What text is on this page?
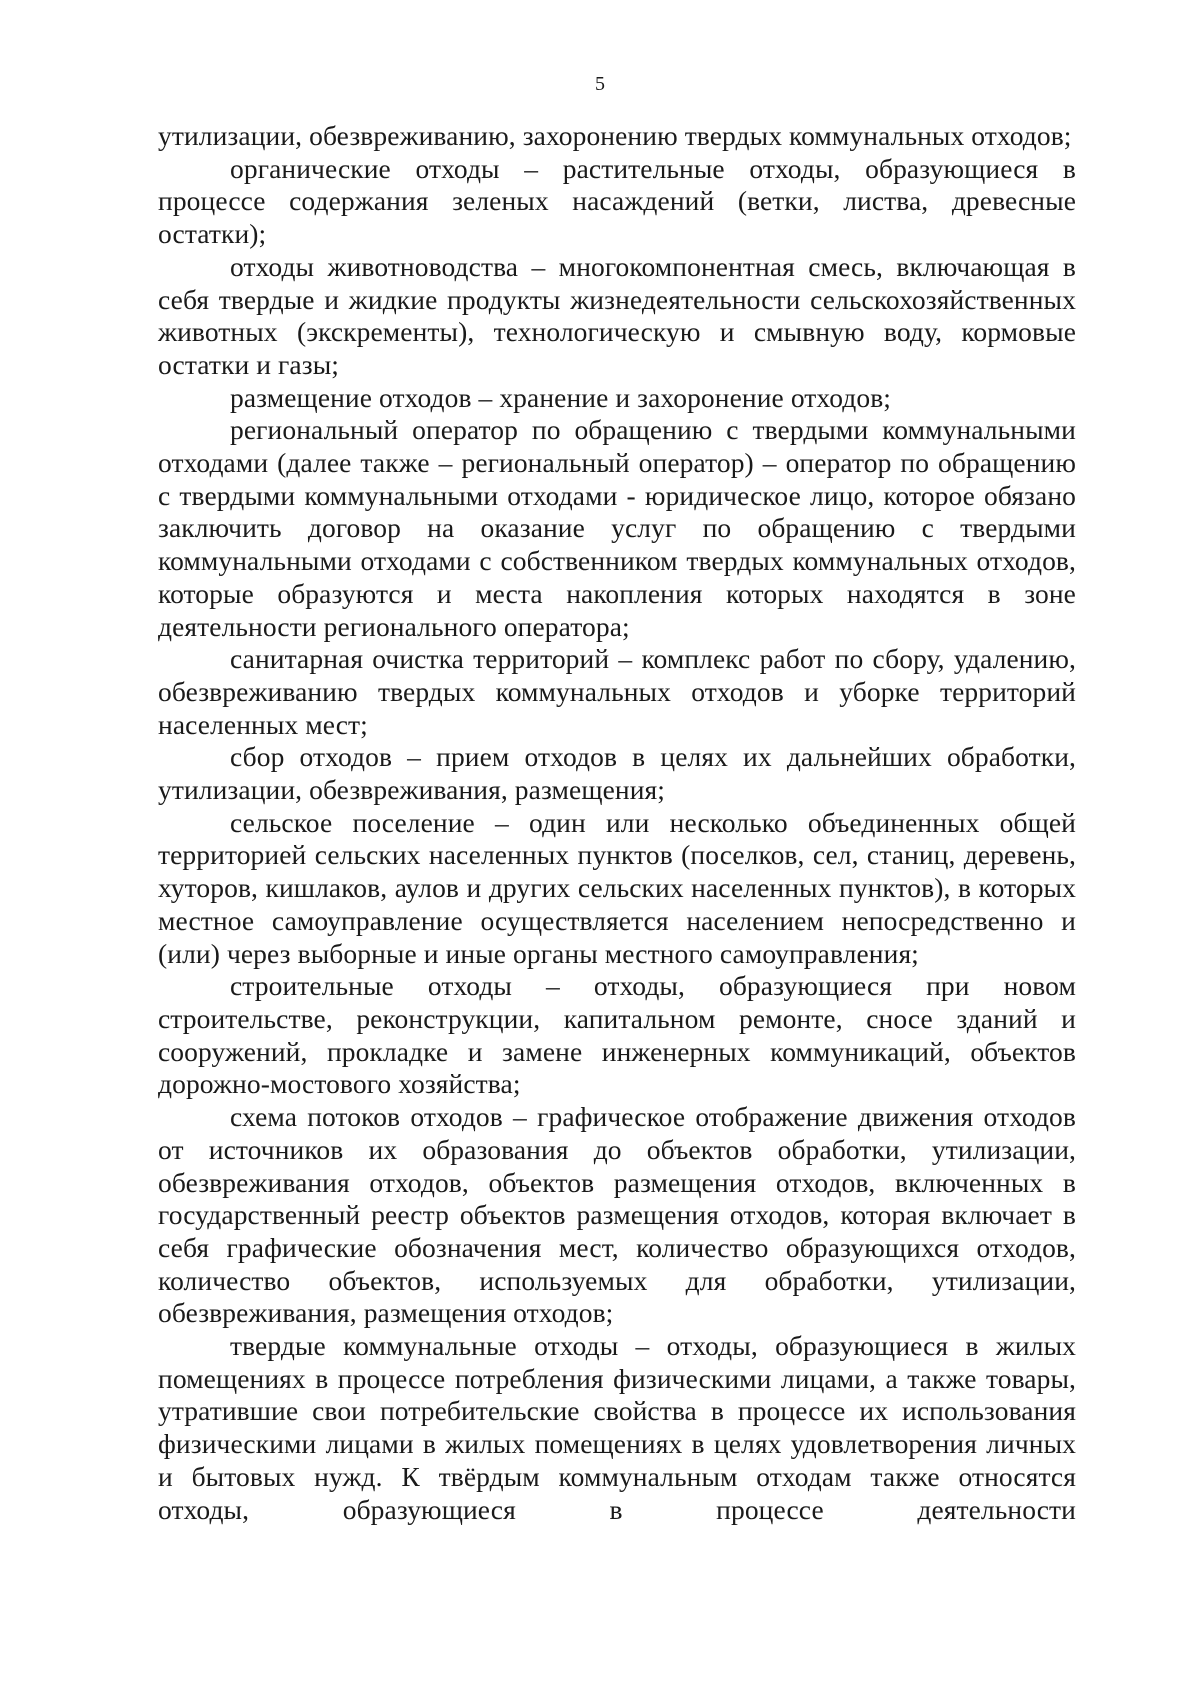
5

утилизации, обезвреживанию, захоронению твердых коммунальных отходов;

органические отходы – растительные отходы, образующиеся в процессе содержания зеленых насаждений (ветки, листва, древесные остатки);

отходы животноводства – многокомпонентная смесь, включающая в себя твердые и жидкие продукты жизнедеятельности сельскохозяйственных животных (экскременты), технологическую и смывную воду, кормовые остатки и газы;

размещение отходов – хранение и захоронение отходов;

региональный оператор по обращению с твердыми коммунальными отходами (далее также – региональный оператор) – оператор по обращению с твердыми коммунальными отходами - юридическое лицо, которое обязано заключить договор на оказание услуг по обращению с твердыми коммунальными отходами с собственником твердых коммунальных отходов, которые образуются и места накопления которых находятся в зоне деятельности регионального оператора;

санитарная очистка территорий – комплекс работ по сбору, удалению, обезвреживанию твердых коммунальных отходов и уборке территорий населенных мест;

сбор отходов – прием отходов в целях их дальнейших обработки, утилизации, обезвреживания, размещения;

сельское поселение – один или несколько объединенных общей территорией сельских населенных пунктов (поселков, сел, станиц, деревень, хуторов, кишлаков, аулов и других сельских населенных пунктов), в которых местное самоуправление осуществляется населением непосредственно и (или) через выборные и иные органы местного самоуправления;

строительные отходы – отходы, образующиеся при новом строительстве, реконструкции, капитальном ремонте, сносе зданий и сооружений, прокладке и замене инженерных коммуникаций, объектов дорожно-мостового хозяйства;

схема потоков отходов – графическое отображение движения отходов от источников их образования до объектов обработки, утилизации, обезвреживания отходов, объектов размещения отходов, включенных в государственный реестр объектов размещения отходов, которая включает в себя графические обозначения мест, количество образующихся отходов, количество объектов, используемых для обработки, утилизации, обезвреживания, размещения отходов;

твердые коммунальные отходы – отходы, образующиеся в жилых помещениях в процессе потребления физическими лицами, а также товары, утратившие свои потребительские свойства в процессе их использования физическими лицами в жилых помещениях в целях удовлетворения личных и бытовых нужд. К твёрдым коммунальным отходам также относятся отходы, образующиеся в процессе деятельности
